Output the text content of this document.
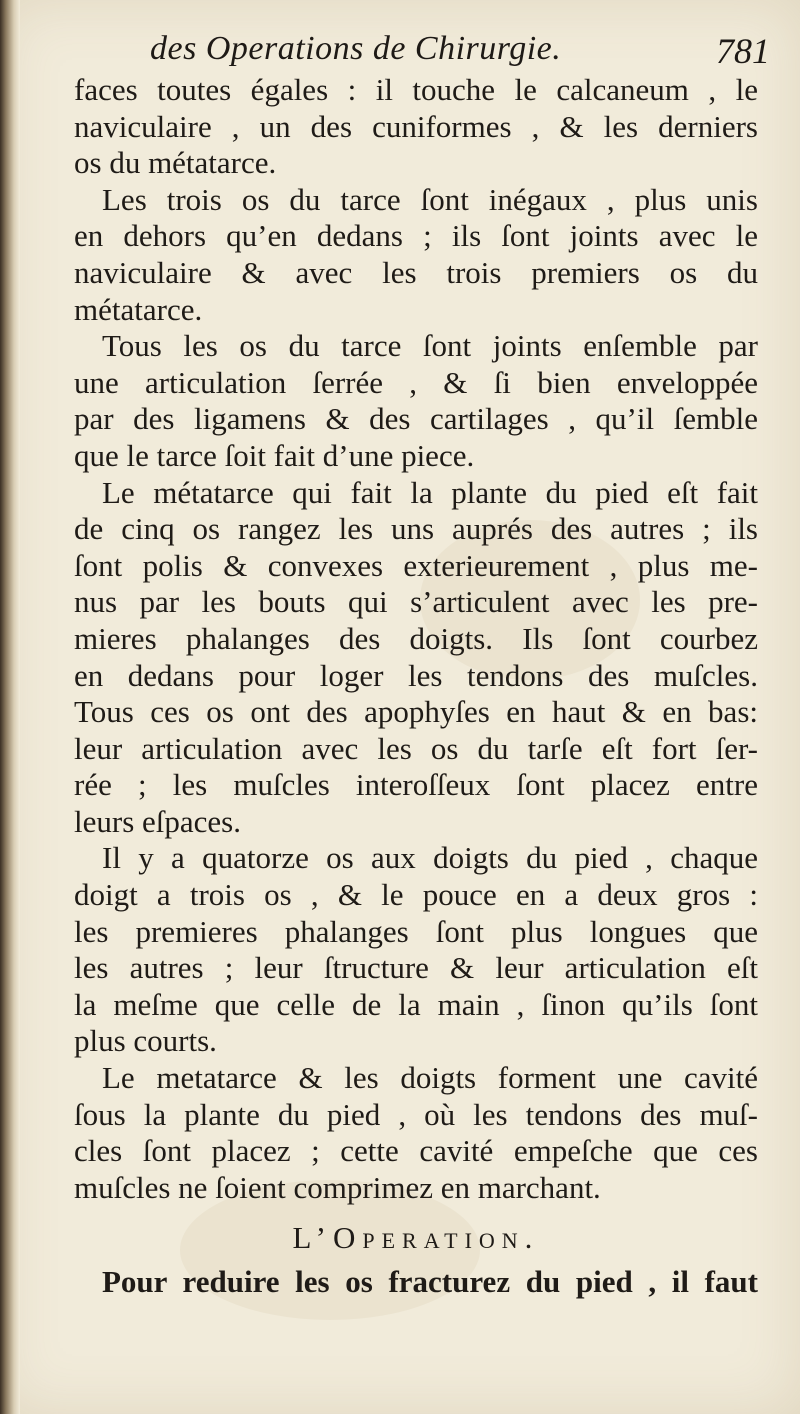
des Operations de Chirurgie.	781

faces toutes égales : il touche le calcaneum , le
naviculaire , un des cuniformes , & les derniers
os du métatarce.

Les trois os du tarce ſont inégaux , plus unis
en dehors qu’en dedans ; ils ſont joints avec le
naviculaire & avec les trois premiers os du
métatarce.

Tous les os du tarce ſont joints enſemble par
une articulation ſerrée , & ſi bien enveloppée
par des ligamens & des cartilages , qu’il ſemble
que le tarce ſoit fait d’une piece.

Le métatarce qui fait la plante du pied eſt fait
de cinq os rangez les uns auprés des autres ; ils
ſont polis & convexes exterieurement , plus me-
nus par les bouts qui s’articulent avec les pre-
mieres phalanges des doigts. Ils ſont courbez
en dedans pour loger les tendons des muſcles.
Tous ces os ont des apophyſes en haut & en bas:
leur articulation avec les os du tarſe eſt fort ſer-
rée ; les muſcles interoſſeux ſont placez entre
leurs eſpaces.

Il y a quatorze os aux doigts du pied , chaque
doigt a trois os , & le pouce en a deux gros :
les premieres phalanges ſont plus longues que
les autres ; leur ſtructure & leur articulation eſt
la meſme que celle de la main , ſinon qu’ils ſont
plus courts.

Le metatarce & les doigts forment une cavité
ſous la plante du pied , où les tendons des muſ-
cles ſont placez ; cette cavité empeſche que ces
muſcles ne ſoient comprimez en marchant.

L’Operation.

Pour reduire les os fracturez du pied , il faut
